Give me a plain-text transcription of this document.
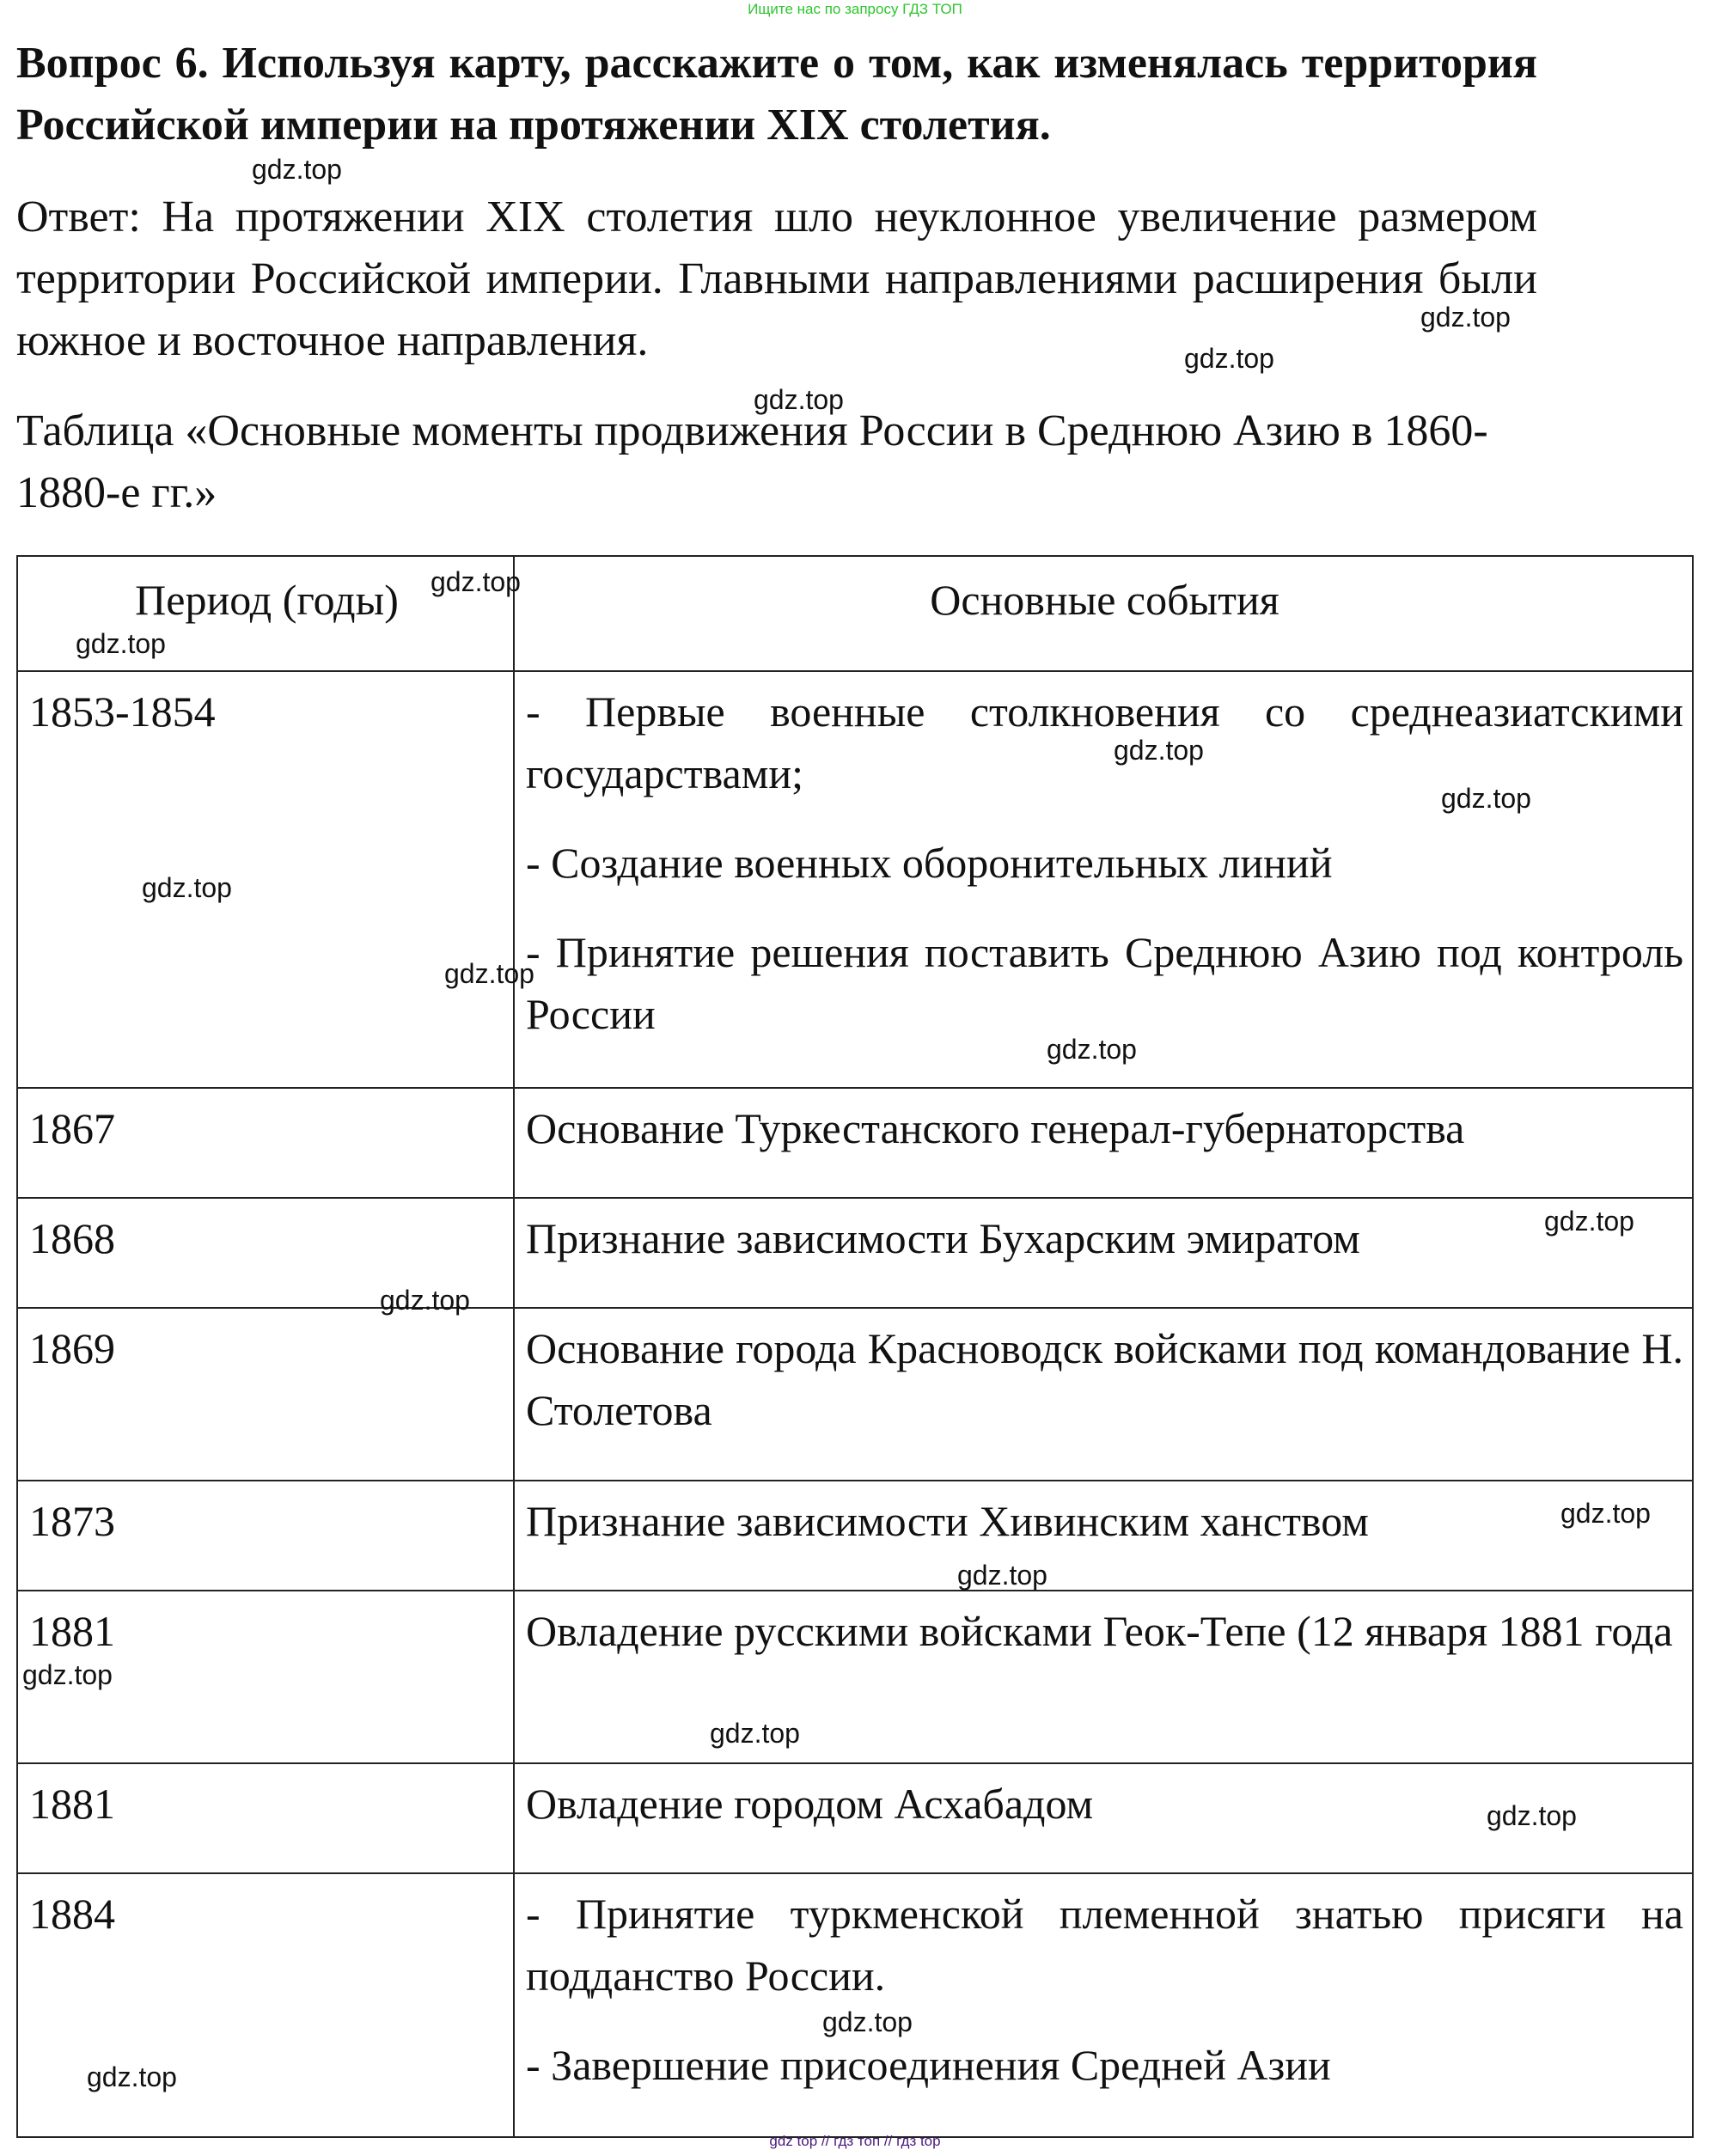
Ищите нас по запросу ГДЗ ТОП
Вопрос 6. Используя карту, расскажите о том, как изменялась территория Российской империи на протяжении XIX столетия.
Ответ: На протяжении XIX столетия шло неуклонное увеличение размером территории Российской империи. Главными направлениями расширения были южное и восточное направления.
Таблица «Основные моменты продвижения России в Среднюю Азию в 1860-1880-е гг.»
Период (годы)	Основные события
1853-1854	- Первые военные столкновения со среднеазиатскими государствами;

- Создание военных оборонительных линий

- Принятие решения поставить Среднюю Азию под контроль России

1867	Основание Туркестанского генерал-губернаторства

1868	Признание зависимости Бухарским эмиратом

1869	Основание города Красноводск войсками под командование Н. Столетова

1873	Признание зависимости Хивинским ханством

1881	Овладение русскими войсками Геок-Тепе (12 января 1881 года

1881	Овладение городом Асхабадом

1884	- Принятие туркменской племенной знатью присяги на подданство России.

- Завершение присоединения Средней Азии

gdz.top
gdz.top
gdz.top
gdz.top
gdz.top
gdz.top
gdz.top
gdz.top
gdz.top
gdz.top
gdz.top
gdz.top
gdz.top
gdz.top
gdz.top
gdz.top
gdz.top
gdz.top
gdz.top
gdz.top
gdz top // гдз топ // гдз top
